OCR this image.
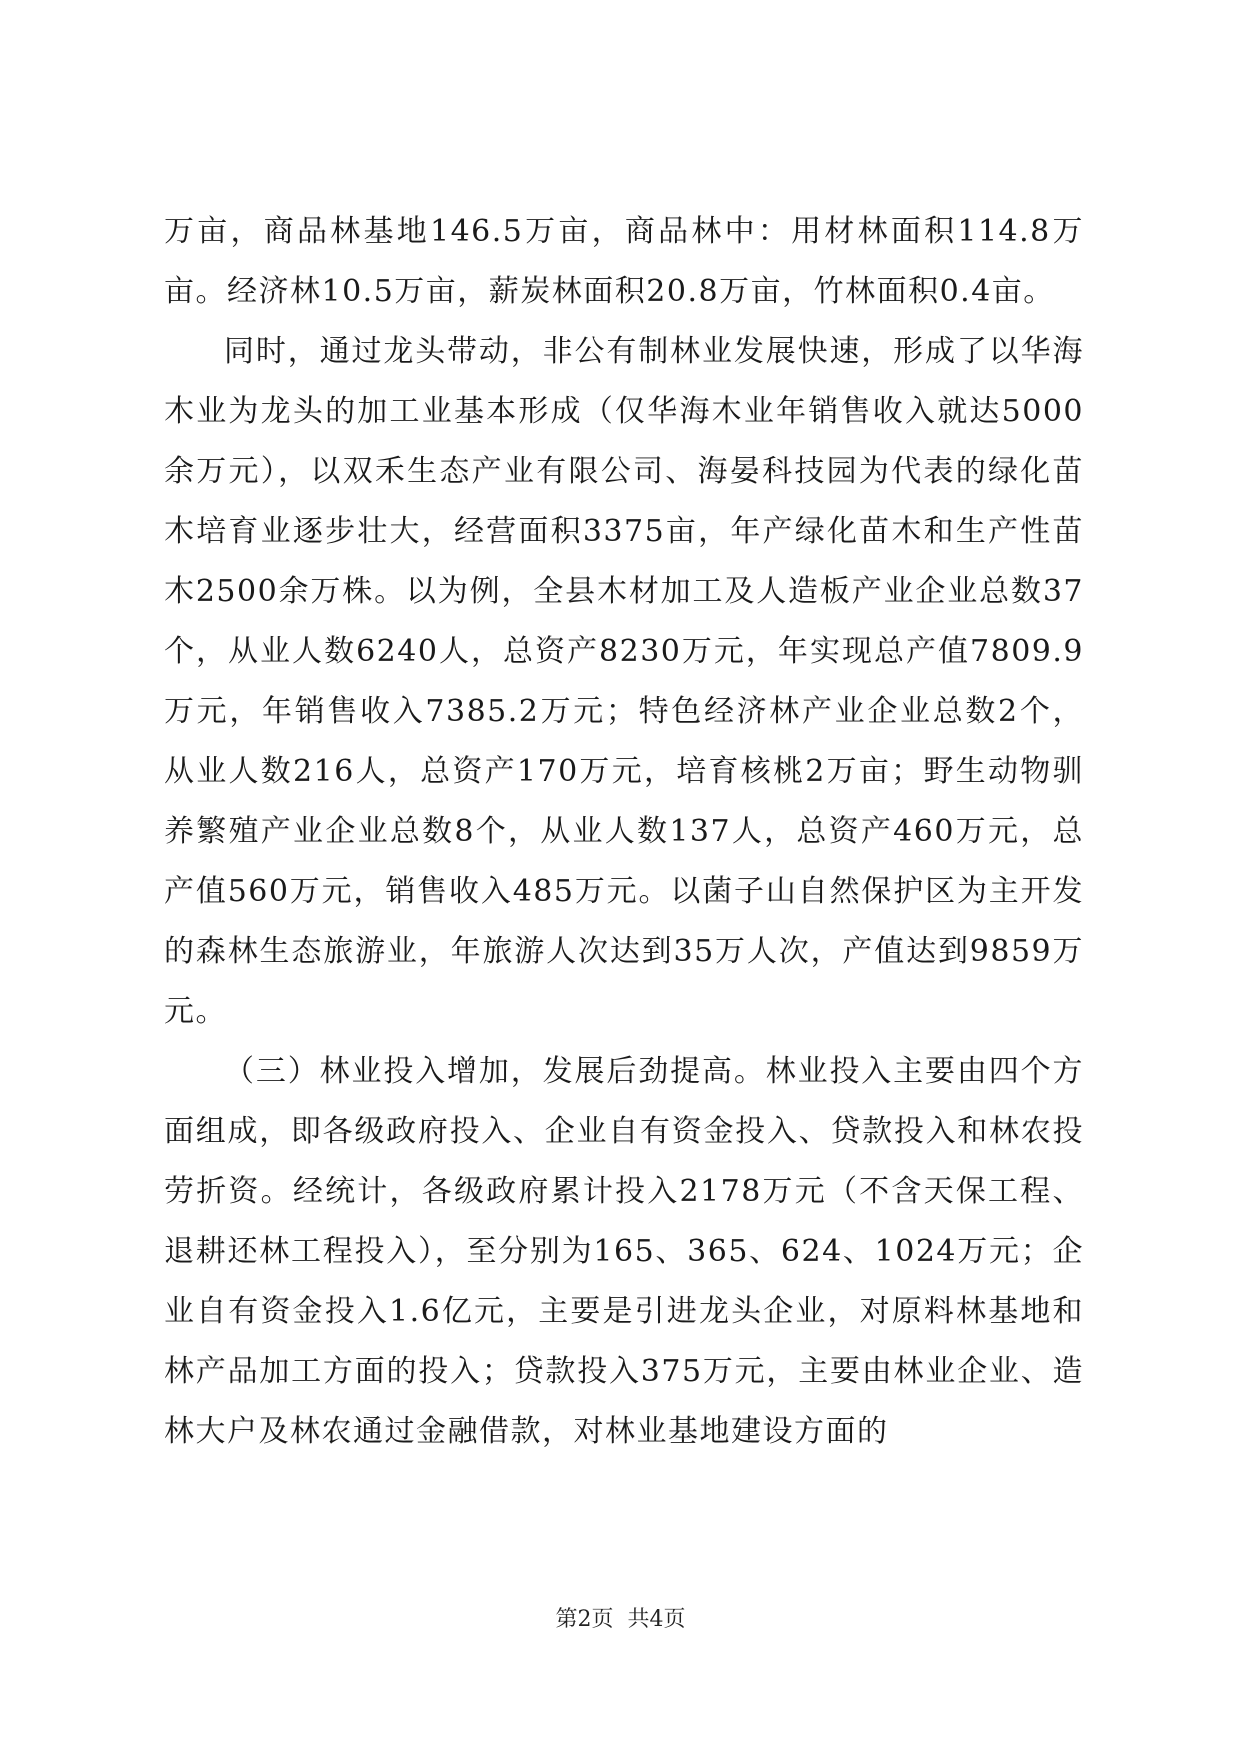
万亩，商品林基地146.5万亩，商品林中：用材林面积114.8万亩。经济林10.5万亩，薪炭林面积20.8万亩，竹林面积0.4亩。

同时，通过龙头带动，非公有制林业发展快速，形成了以华海木业为龙头的加工业基本形成（仅华海木业年销售收入就达5000余万元），以双禾生态产业有限公司、海晏科技园为代表的绿化苗木培育业逐步壮大，经营面积3375亩，年产绿化苗木和生产性苗木2500余万株。以为例，全县木材加工及人造板产业企业总数37个，从业人数6240人，总资产8230万元，年实现总产值7809.9万元，年销售收入7385.2万元；特色经济林产业企业总数2个，从业人数216人，总资产170万元，培育核桃2万亩；野生动物驯养繁殖产业企业总数8个，从业人数137人，总资产460万元，总产值560万元，销售收入485万元。以菌子山自然保护区为主开发的森林生态旅游业，年旅游人次达到35万人次，产值达到9859万元。

（三）林业投入增加，发展后劲提高。林业投入主要由四个方面组成，即各级政府投入、企业自有资金投入、贷款投入和林农投劳折资。经统计，各级政府累计投入2178万元（不含天保工程、退耕还林工程投入），至分别为165、365、624、1024万元；企业自有资金投入1.6亿元，主要是引进龙头企业，对原料林基地和林产品加工方面的投入；贷款投入375万元，主要由林业企业、造林大户及林农通过金融借款，对林业基地建设方面的

第2页 共4页
